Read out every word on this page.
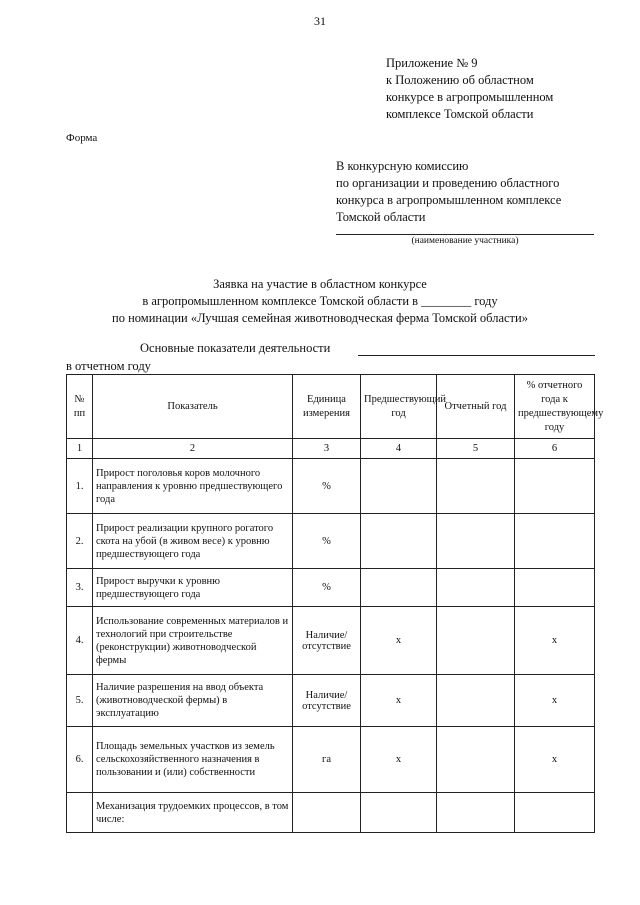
31
Приложение № 9
к Положению об областном
конкурсе в агропромышленном
комплексе Томской области
Форма
В конкурсную комиссию
по организации и проведению областного
конкурса в агропромышленном комплексе
Томской области
(наименование участника)
Заявка на участие в областном конкурсе
в агропромышленном комплексе Томской области в ________ году
по номинации «Лучшая семейная животноводческая ферма Томской области»
Основные показатели деятельности
в отчетном году
№ пп	Показатель	Единица измерения	Предшествующий год	Отчетный год	% отчетного года к предшествующему году
1	2	3	4	5	6
1.	Прирост поголовья коров молочного направления к уровню предшествующего года	%			
2.	Прирост реализации крупного рогатого скота на убой (в живом весе) к уровню предшествующего года	%			
3.	Прирост выручки к уровню предшествующего года	%			
4.	Использование современных материалов и технологий при строительстве (реконструкции) животноводческой фермы	Наличие/ отсутствие	x		x
5.	Наличие разрешения на ввод объекта (животноводческой фермы) в эксплуатацию	Наличие/ отсутствие	x		x
6.	Площадь земельных участков из земель сельскохозяйственного назначения в пользовании и (или) собственности	га	x		x
	Механизация трудоемких процессов, в том числе:				
